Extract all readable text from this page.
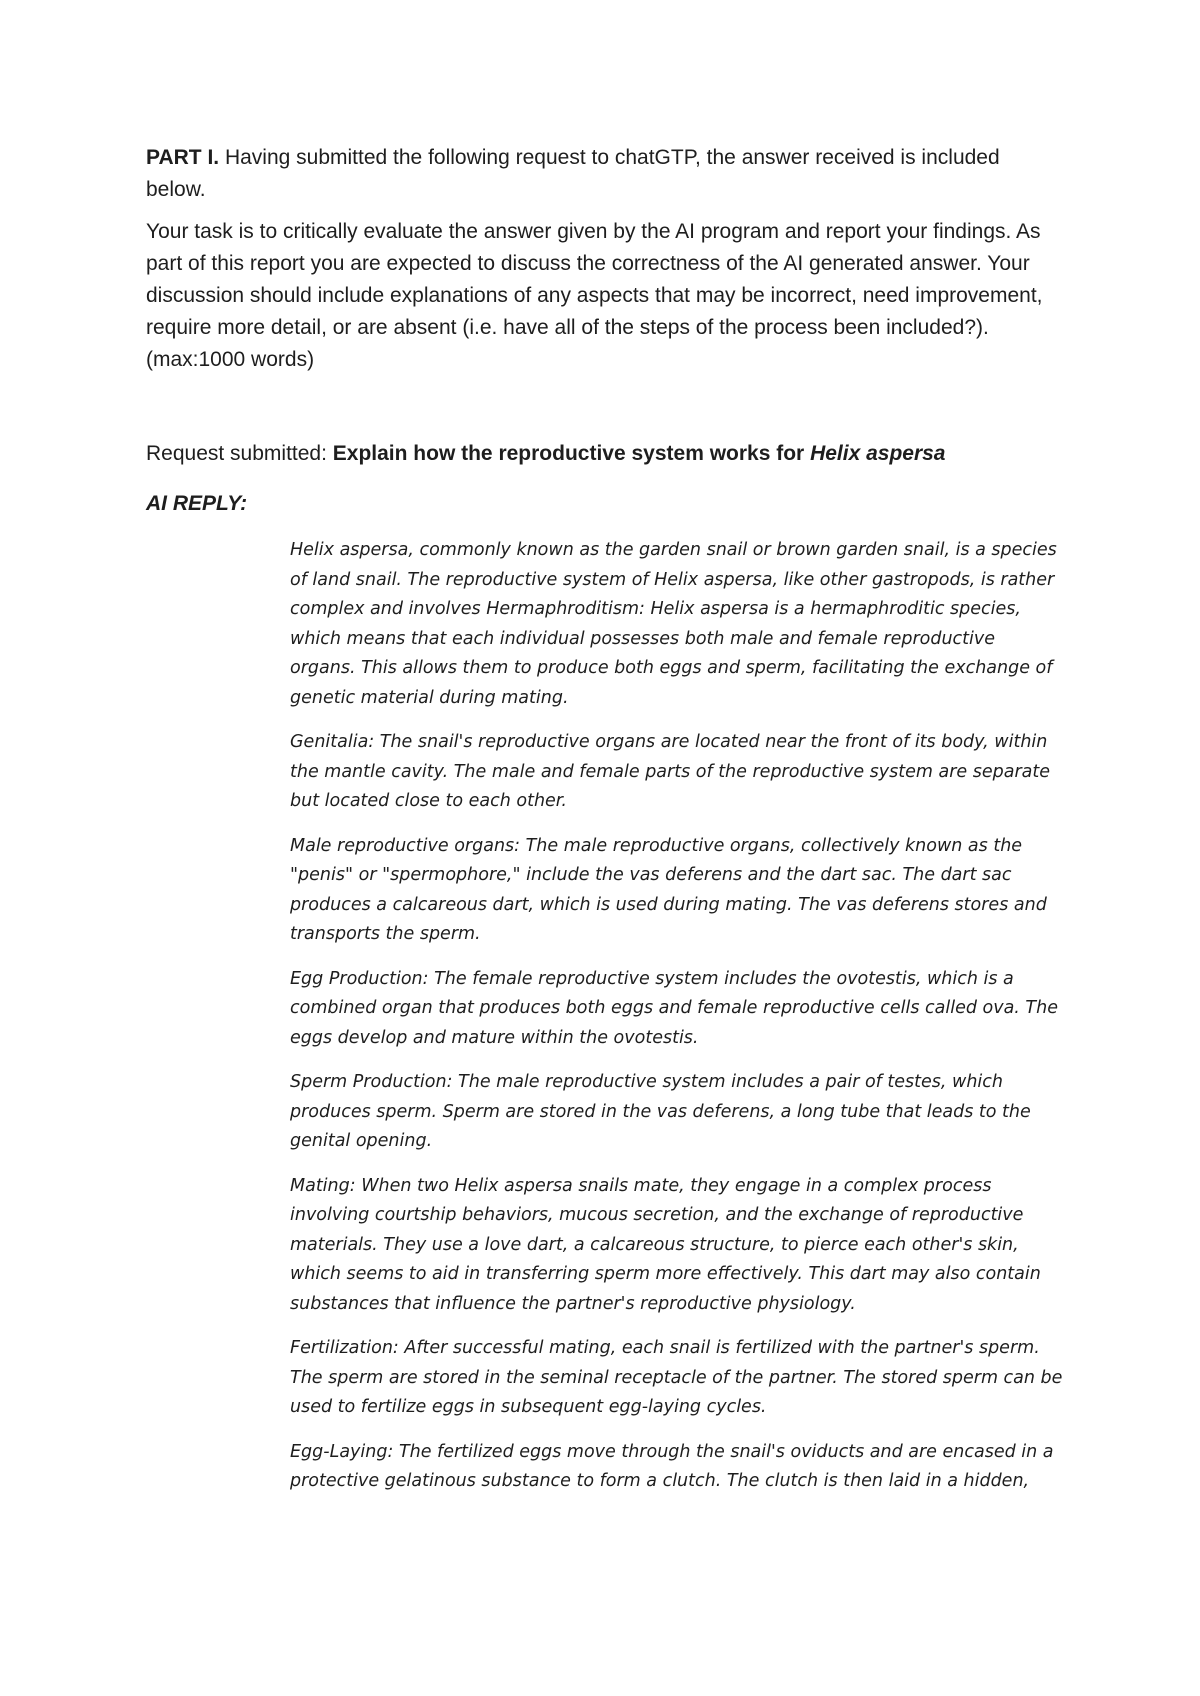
PART I. Having submitted the following request to chatGTP, the answer received is included below.

Your task is to critically evaluate the answer given by the AI program and report your findings. As part of this report you are expected to discuss the correctness of the AI generated answer. Your discussion should include explanations of any aspects that may be incorrect, need improvement, require more detail, or are absent (i.e. have all of the steps of the process been included?). (max:1000 words)

Request submitted: Explain how the reproductive system works for Helix aspersa

AI REPLY:

Helix aspersa, commonly known as the garden snail or brown garden snail, is a species of land snail. The reproductive system of Helix aspersa, like other gastropods, is rather complex and involves Hermaphroditism: Helix aspersa is a hermaphroditic species, which means that each individual possesses both male and female reproductive organs. This allows them to produce both eggs and sperm, facilitating the exchange of genetic material during mating.

Genitalia: The snail's reproductive organs are located near the front of its body, within the mantle cavity. The male and female parts of the reproductive system are separate but located close to each other.

Male reproductive organs: The male reproductive organs, collectively known as the "penis" or "spermophore," include the vas deferens and the dart sac. The dart sac produces a calcareous dart, which is used during mating. The vas deferens stores and transports the sperm.

Egg Production: The female reproductive system includes the ovotestis, which is a combined organ that produces both eggs and female reproductive cells called ova. The eggs develop and mature within the ovotestis.

Sperm Production: The male reproductive system includes a pair of testes, which produces sperm. Sperm are stored in the vas deferens, a long tube that leads to the genital opening.

Mating: When two Helix aspersa snails mate, they engage in a complex process involving courtship behaviors, mucous secretion, and the exchange of reproductive materials. They use a love dart, a calcareous structure, to pierce each other's skin, which seems to aid in transferring sperm more effectively. This dart may also contain substances that influence the partner's reproductive physiology.

Fertilization: After successful mating, each snail is fertilized with the partner's sperm. The sperm are stored in the seminal receptacle of the partner. The stored sperm can be used to fertilize eggs in subsequent egg-laying cycles.

Egg-Laying: The fertilized eggs move through the snail's oviducts and are encased in a protective gelatinous substance to form a clutch. The clutch is then laid in a hidden,
